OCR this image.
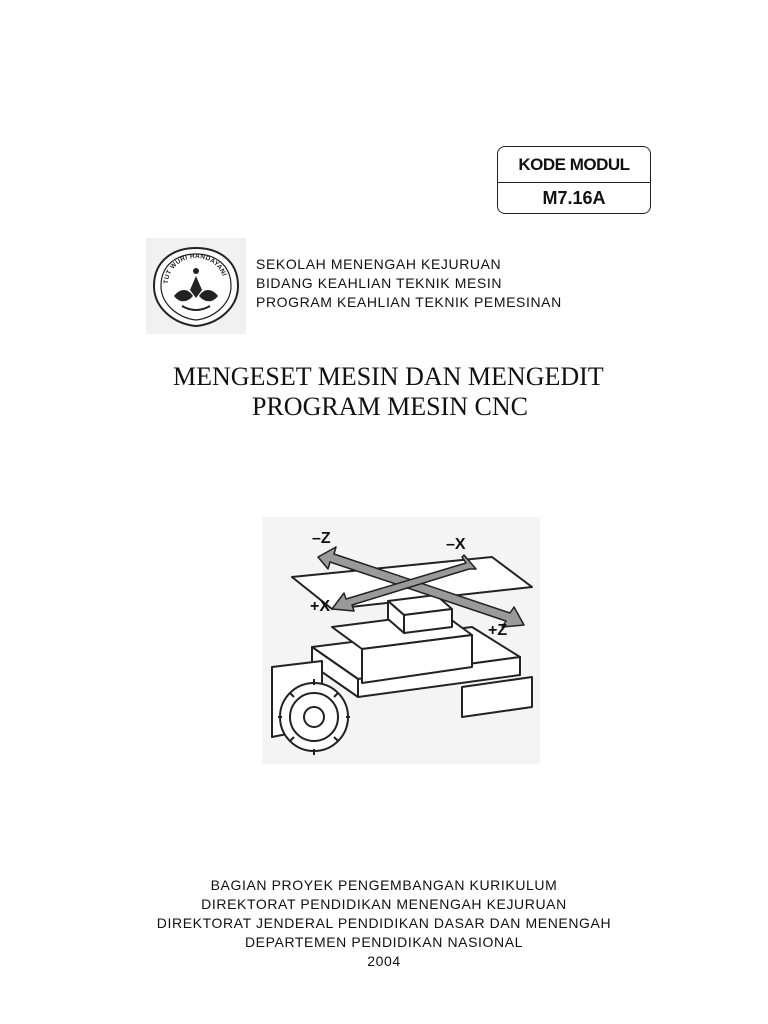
KODE MODUL
M7.16A
TUT WURI HANDAYANI
SEKOLAH MENENGAH KEJURUAN
BIDANG KEAHLIAN TEKNIK MESIN
PROGRAM KEAHLIAN TEKNIK PEMESINAN
MENGESET MESIN DAN MENGEDIT
PROGRAM MESIN CNC
–Z	–X
+X
+Z
BAGIAN PROYEK PENGEMBANGAN KURIKULUM
DIREKTORAT PENDIDIKAN MENENGAH KEJURUAN
DIREKTORAT JENDERAL PENDIDIKAN DASAR DAN MENENGAH
DEPARTEMEN PENDIDIKAN NASIONAL
2004
